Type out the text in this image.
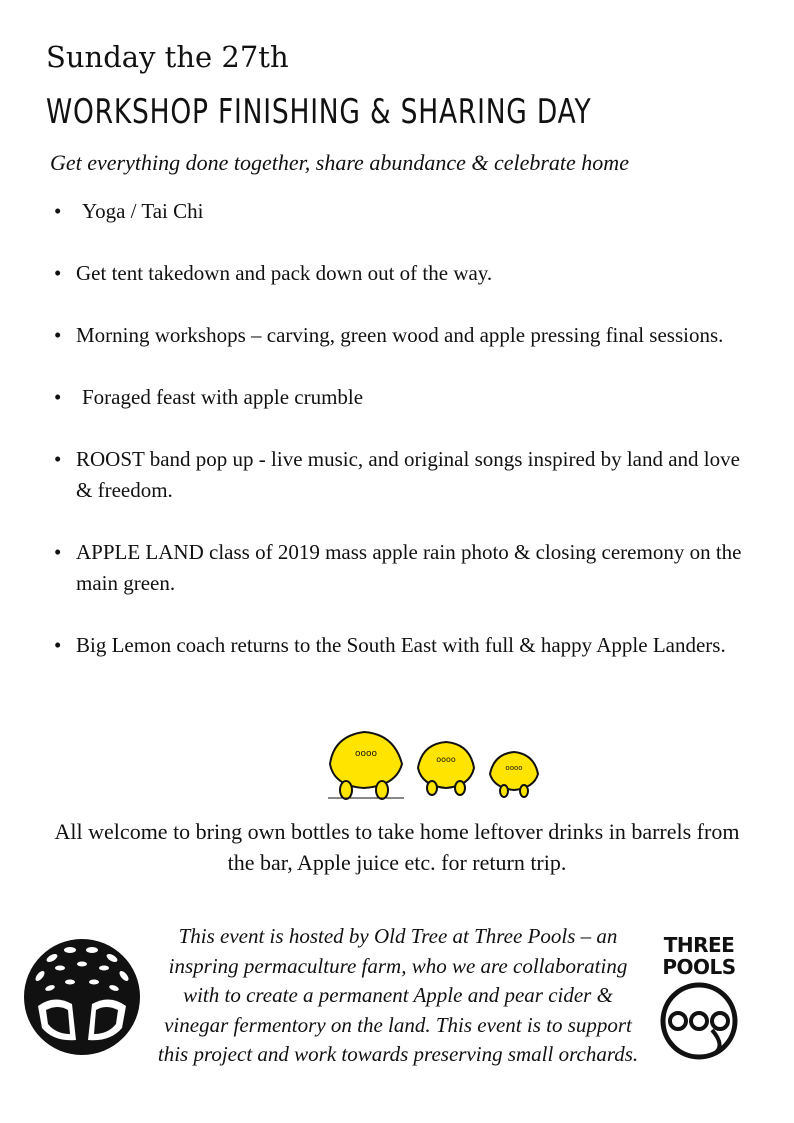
Sunday the 27th
WORKSHOP FINISHING & SHARING DAY
Get everything done together, share abundance & celebrate home
• Yoga / Tai Chi
• Get tent takedown and pack down out of the way.
• Morning workshops – carving, green wood and apple pressing final sessions.
• Foraged feast with apple crumble
• ROOST band pop up - live music, and original songs inspired by land and love & freedom.
• APPLE LAND class of 2019 mass apple rain photo & closing ceremony on the main green.
• Big Lemon coach returns to the South East with full & happy Apple Landers.
oooo
oooo
oooo
All welcome to bring own bottles to take home leftover drinks in barrels from the bar, Apple juice etc. for return trip.
This event is hosted by Old Tree at Three Pools – an inspring permaculture farm, who we are collaborating with to create a permanent Apple and pear cider & vinegar fermentory on the land. This event is to support this project and work towards preserving small orchards.
THREE
POOLS
